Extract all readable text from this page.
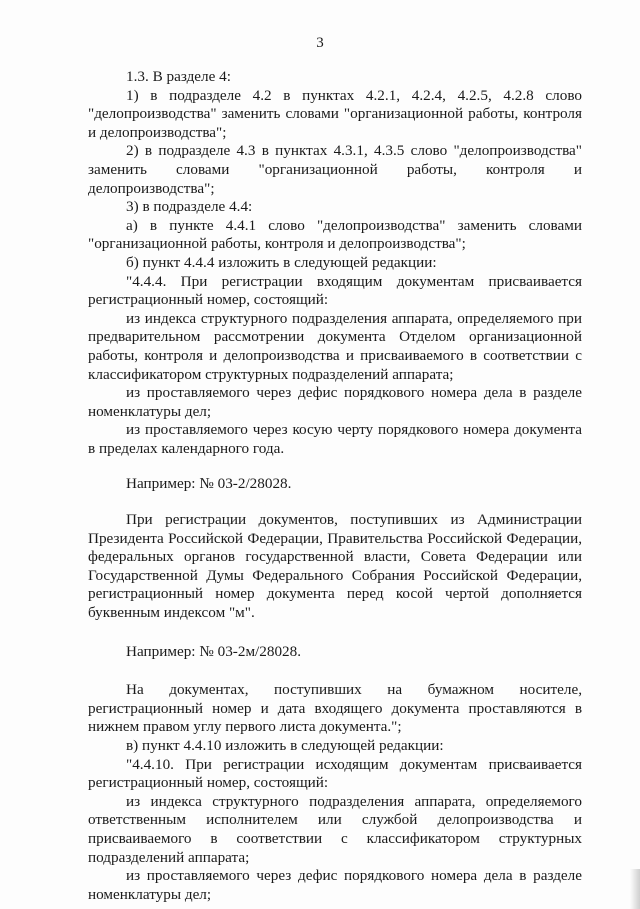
3

1.3. В разделе 4:

1) в подразделе 4.2 в пунктах 4.2.1, 4.2.4, 4.2.5, 4.2.8 слово "делопроизводства" заменить словами "организационной работы, контроля и делопроизводства";

2) в подразделе 4.3 в пунктах 4.3.1, 4.3.5 слово "делопроизводства" заменить словами "организационной работы, контроля и делопроизводства";

3) в подразделе 4.4:

а) в пункте 4.4.1 слово "делопроизводства" заменить словами "организационной работы, контроля и делопроизводства";

б) пункт 4.4.4 изложить в следующей редакции:

"4.4.4. При регистрации входящим документам присваивается регистрационный номер, состоящий:

из индекса структурного подразделения аппарата, определяемого при предварительном рассмотрении документа Отделом организационной работы, контроля и делопроизводства и присваиваемого в соответствии с классификатором структурных подразделений аппарата;

из проставляемого через дефис порядкового номера дела в разделе номенклатуры дел;

из проставляемого через косую черту порядкового номера документа в пределах календарного года.

Например: № 03-2/28028.

При регистрации документов, поступивших из Администрации Президента Российской Федерации, Правительства Российской Федерации, федеральных органов государственной власти, Совета Федерации или Государственной Думы Федерального Собрания Российской Федерации, регистрационный номер документа перед косой чертой дополняется буквенным индексом "м".

Например: № 03-2м/28028.

На документах, поступивших на бумажном носителе, регистрационный номер и дата входящего документа проставляются в нижнем правом углу первого листа документа.";

в) пункт 4.4.10 изложить в следующей редакции:

"4.4.10. При регистрации исходящим документам присваивается регистрационный номер, состоящий:

из индекса структурного подразделения аппарата, определяемого ответственным исполнителем или службой делопроизводства и присваиваемого в соответствии с классификатором структурных подразделений аппарата;

из проставляемого через дефис порядкового номера дела в разделе номенклатуры дел;
